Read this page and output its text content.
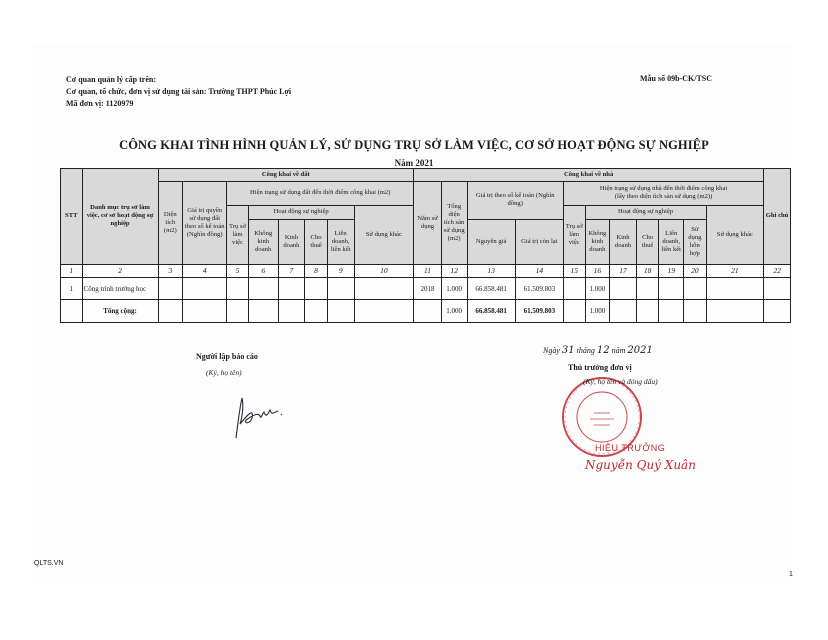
Cơ quan quản lý cấp trên:
Cơ quan, tổ chức, đơn vị sử dụng tài sản: Trường THPT Phúc Lợi
Mã đơn vị: 1120979
Mẫu số 09b-CK/TSC
CÔNG KHAI TÌNH HÌNH QUẢN LÝ, SỬ DỤNG TRỤ SỞ LÀM VIỆC, CƠ SỞ HOẠT ĐỘNG SỰ NGHIỆP
Năm 2021
STT	Danh mục trụ sở làm việc, cơ sở hoạt động sự nghiệp	Công khai về đất								Công khai về nhà											Ghi chú
		Diện tích (m2)	Giá trị quyền sử dụng đất theo sổ kế toán (Nghìn đồng)	Hiện trạng sử dụng đất đến thời điểm công khai (m2)						Năm sử dụng	Tổng diện tích sàn sử dụng (m2)	Giá trị theo sổ kế toán (Nghìn đồng)		Hiện trạng sử dụng nhà đến thời điểm công khai
(lấy theo diện tích sàn sử dụng (m2))							
				Trụ sở làm việc	Hoạt động sự nghiệp				Sử dụng khác					Trụ sở làm việc	Hoạt động sự nghiệp					Sử dụng khác	
					Không kinh doanh	Kinh doanh	Cho thuê	Liên doanh, liên kết				Nguyên giá	Giá trị còn lại		Không kinh doanh	Kinh doanh	Cho thuê	Liên doanh, liên kết	Sử dụng hỗn hợp		
1	2	3	4	5	6	7	8	9	10	11	12	13	14	15	16	17	18	19	20	21	22
1	Công trình trường học									2018	1.000	66.858.481	61.509.803		1.000						
	Tổng cộng:										1.000	66.858.481	61.509.803		1.000						
Người lập báo cáo
(Ký, họ tên)
Ngày 31 tháng 12 năm 2021
Thủ trưởng đơn vị
(Ký, họ tên và đóng dấu)
HIỆU TRƯỞNG
Nguyễn Quý Xuân
QLTS.VN
1
